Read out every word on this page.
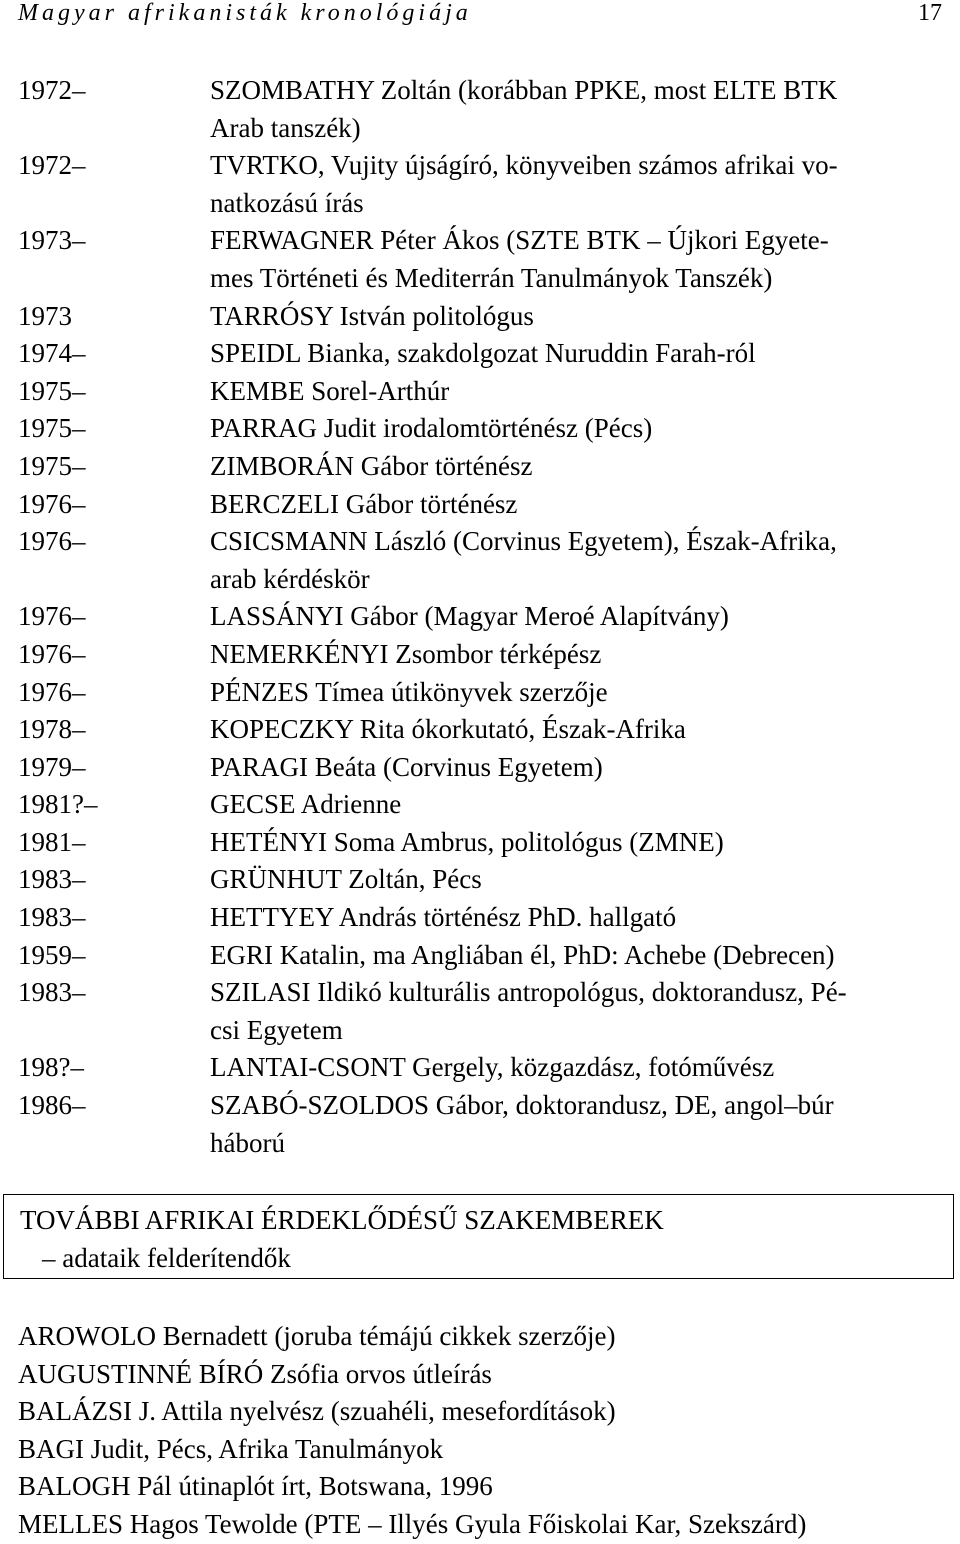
Magyar afrikanisták kronológiája	17
1972–	SZOMBATHY Zoltán (korábban PPKE, most ELTE BTK
Arab tanszék)
1972–	TVRTKO, Vujity újságíró, könyveiben számos afrikai vo-
natkozású írás
1973–	FERWAGNER Péter Ákos (SZTE BTK – Újkori Egyete-
mes Történeti és Mediterrán Tanulmányok Tanszék)
1973	TARRÓSY István politológus
1974–	SPEIDL Bianka, szakdolgozat Nuruddin Farah-ról
1975–	KEMBE Sorel-Arthúr
1975–	PARRAG Judit irodalomtörténész (Pécs)
1975–	ZIMBORÁN Gábor történész
1976–	BERCZELI Gábor történész
1976–	CSICSMANN László (Corvinus Egyetem), Észak-Afrika,
arab kérdéskör
1976–	LASSÁNYI Gábor (Magyar Meroé Alapítvány)
1976–	NEMERKÉNYI Zsombor térképész
1976–	PÉNZES Tímea útikönyvek szerzője
1978–	KOPECZKY Rita ókorkutató, Észak-Afrika
1979–	PARAGI Beáta (Corvinus Egyetem)
1981?–	GECSE Adrienne
1981–	HETÉNYI Soma Ambrus, politológus (ZMNE)
1983–	GRÜNHUT Zoltán, Pécs
1983–	HETTYEY András történész PhD. hallgató
1959–	EGRI Katalin, ma Angliában él, PhD: Achebe (Debrecen)
1983–	SZILASI Ildikó kulturális antropológus, doktorandusz, Pé-
csi Egyetem
198?–	LANTAI-CSONT Gergely, közgazdász, fotóművész
1986–	SZABÓ-SZOLDOS Gábor, doktorandusz, DE, angol–búr
háború
TOVÁBBI AFRIKAI ÉRDEKLŐDÉSŰ SZAKEMBEREK
– adataik felderítendők
AROWOLO Bernadett (joruba témájú cikkek szerzője)
AUGUSTINNÉ BÍRÓ Zsófia orvos útleírás
BALÁZSI J. Attila nyelvész (szuahéli, mesefordítások)
BAGI Judit, Pécs, Afrika Tanulmányok
BALOGH Pál útinaplót írt, Botswana, 1996
MELLES Hagos Tewolde (PTE – Illyés Gyula Főiskolai Kar, Szekszárd)
